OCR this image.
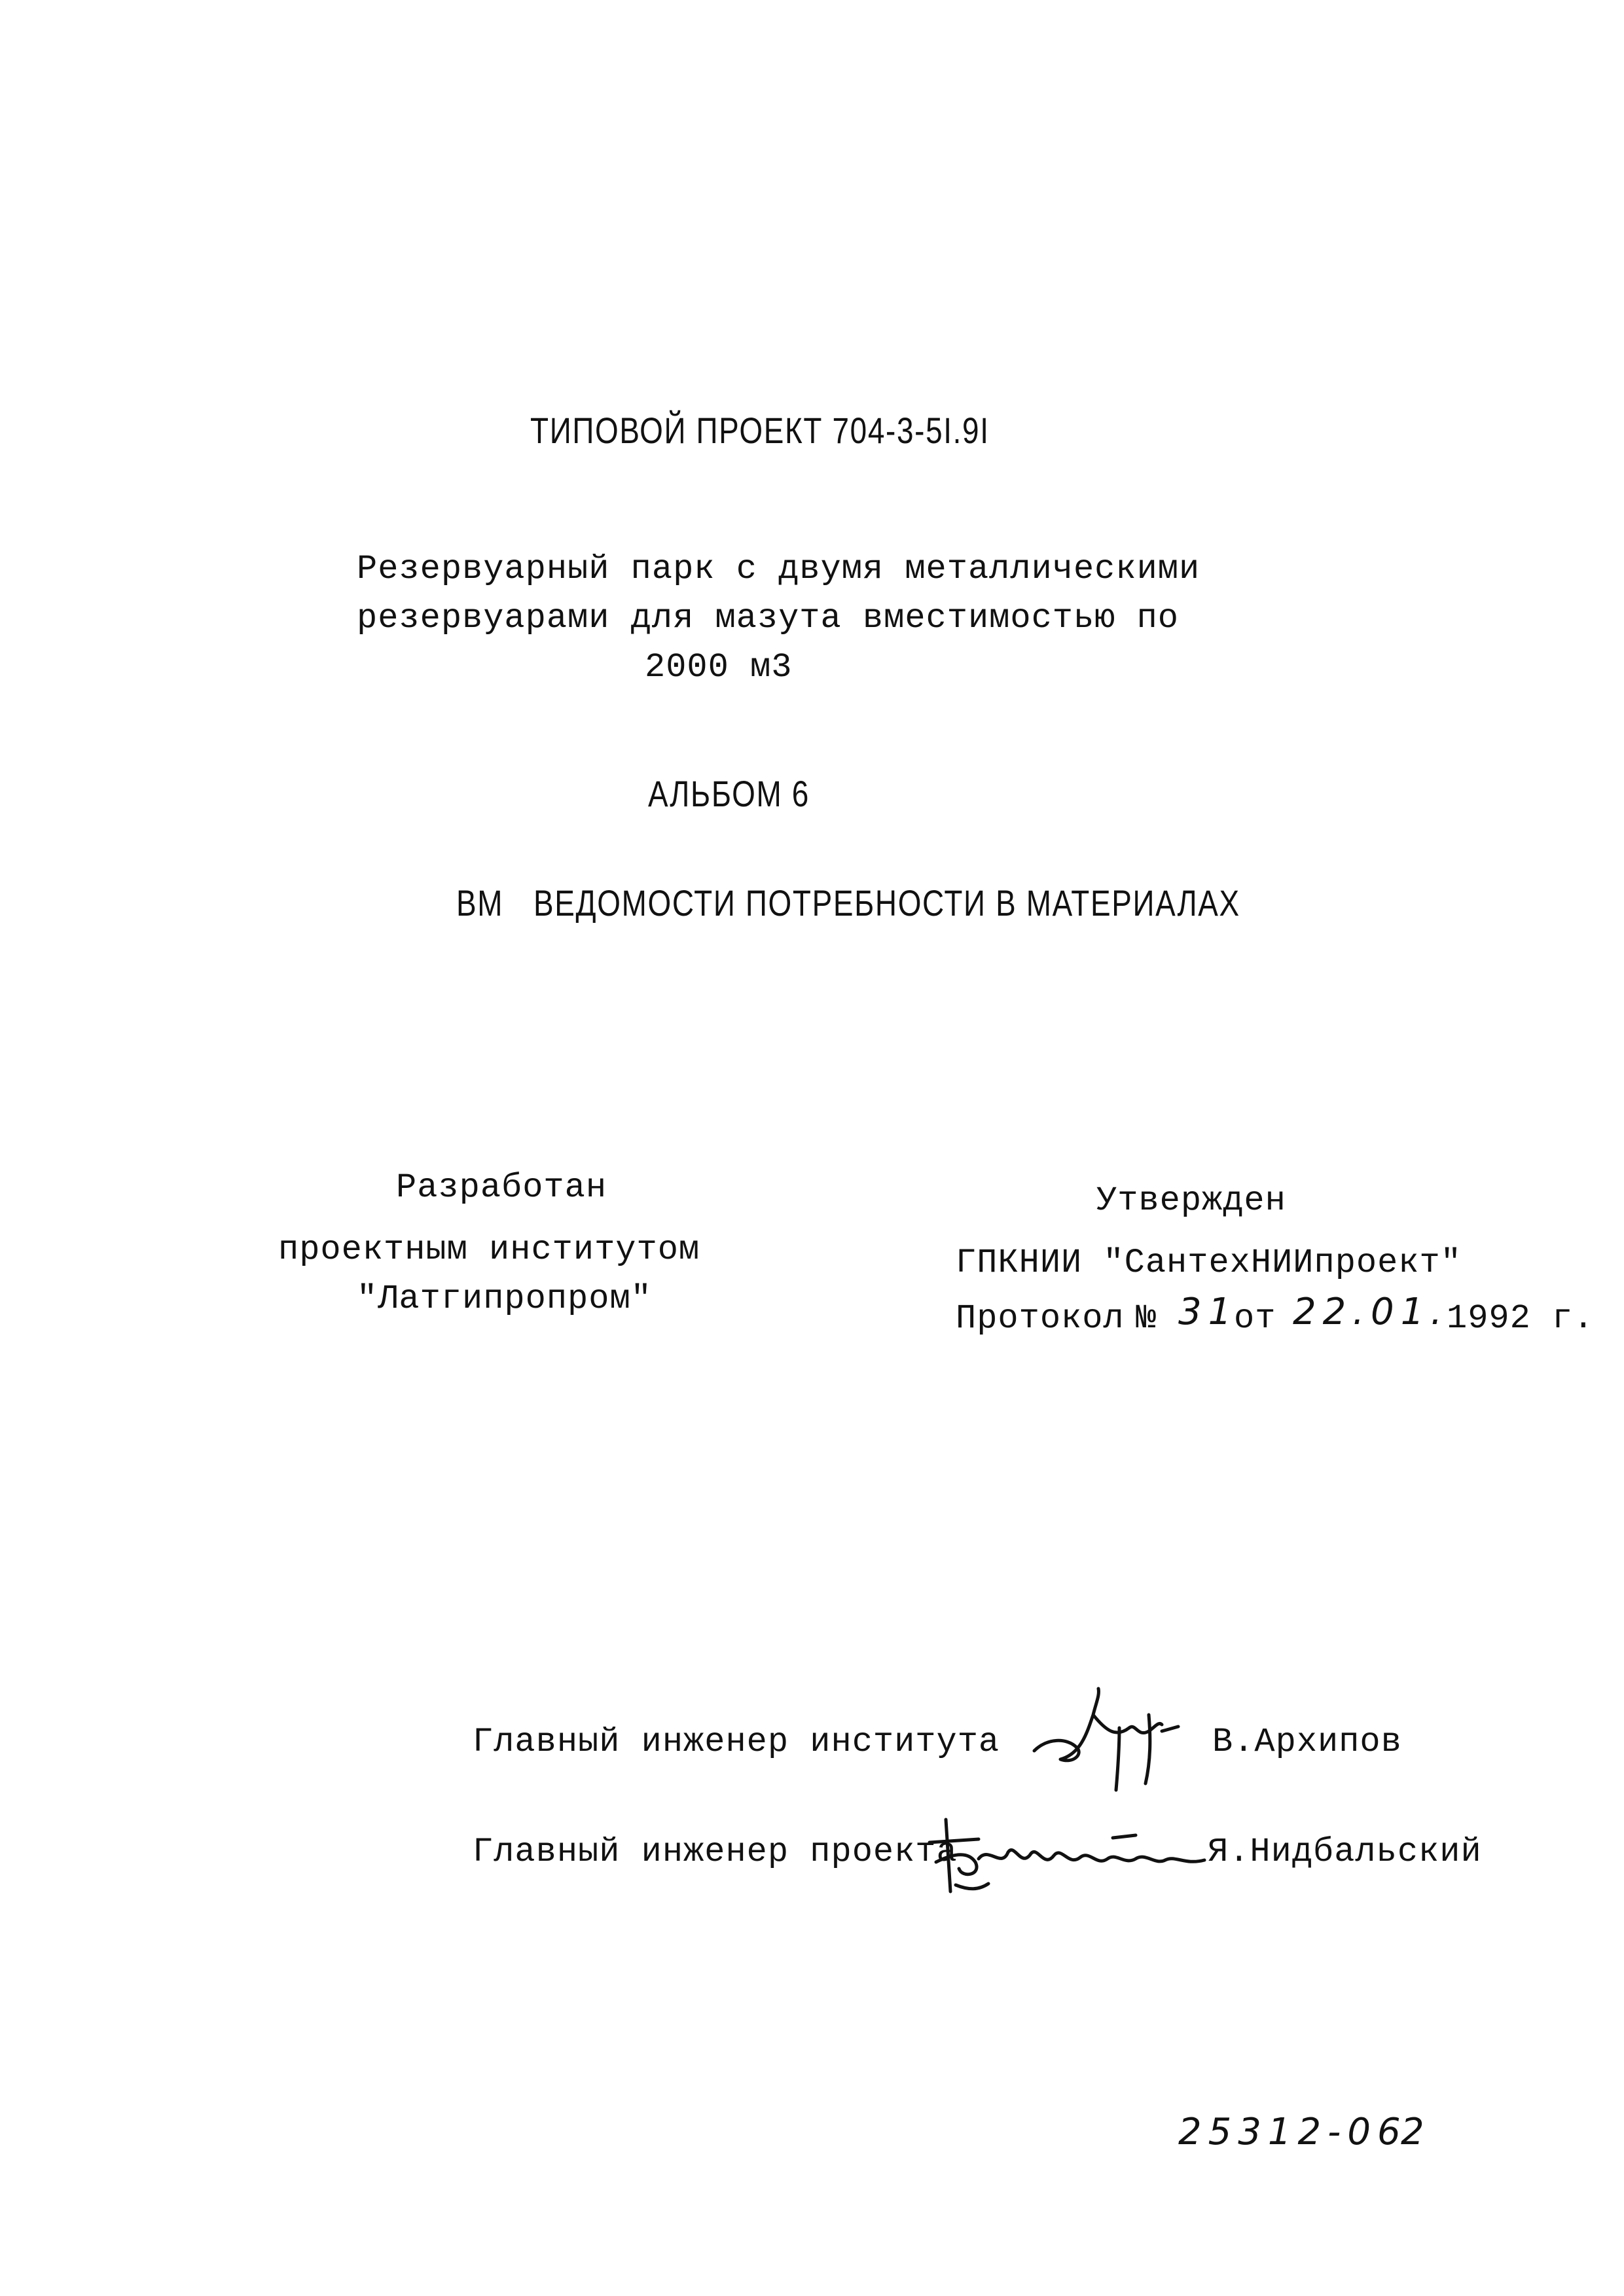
ТИПОВОЙ ПРОЕКТ 704-3-5I.9I
Резервуарный парк с двумя металлическими
резервуарами для мазута вместимостью по
2000 м3
АЛЬБОМ 6
ВМ ВЕДОМОСТИ ПОТРЕБНОСТИ В МАТЕРИАЛАХ
Разработан
проектным институтом
"Латгипропром"
Утвержден
ГПКНИИ "СантехНИИпроект"
Протокол № 31
от 22.01.
1992 г.
Главный инженер института	В.Архипов
Главный инженер проекта	Я.Нидбальский
25312-06
2
